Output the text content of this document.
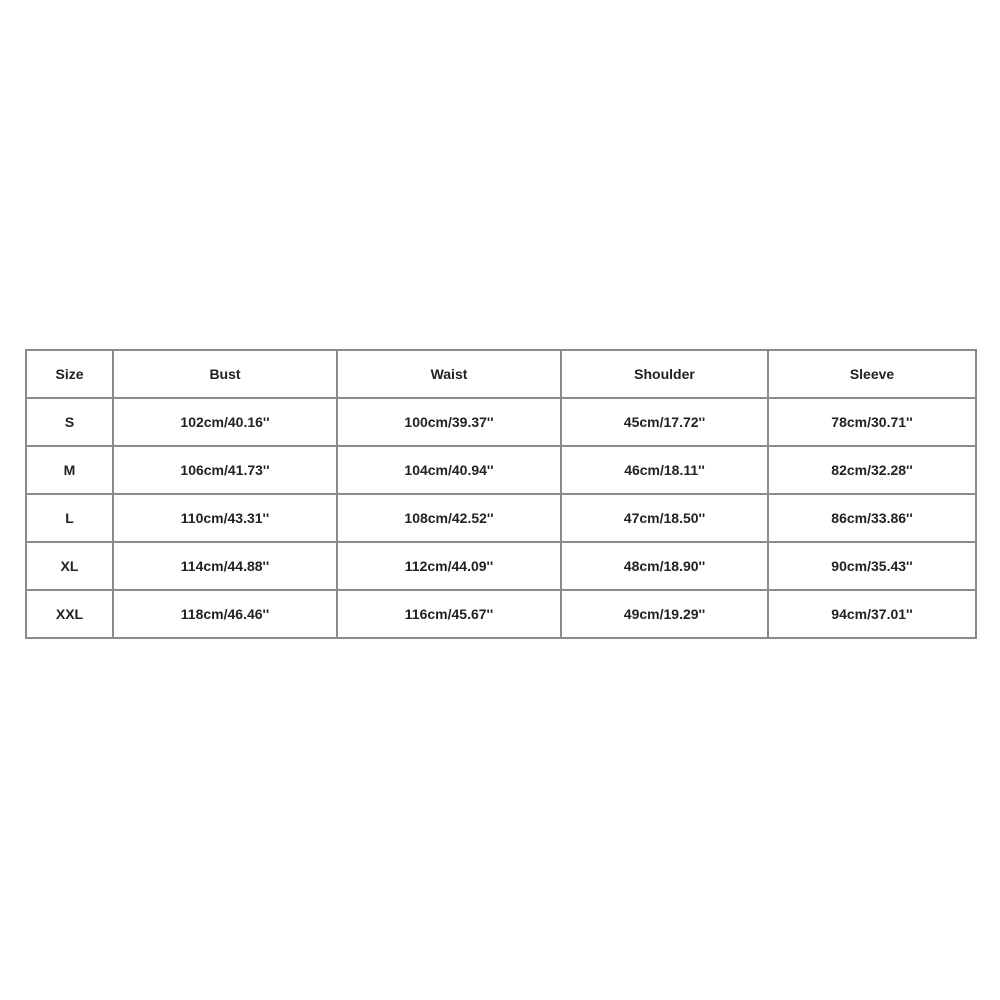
Size	Bust	Waist	Shoulder	Sleeve
S	102cm/40.16''	100cm/39.37''	45cm/17.72''	78cm/30.71''
M	106cm/41.73''	104cm/40.94''	46cm/18.11''	82cm/32.28''
L	110cm/43.31''	108cm/42.52''	47cm/18.50''	86cm/33.86''
XL	114cm/44.88''	112cm/44.09''	48cm/18.90''	90cm/35.43''
XXL	118cm/46.46''	116cm/45.67''	49cm/19.29''	94cm/37.01''
